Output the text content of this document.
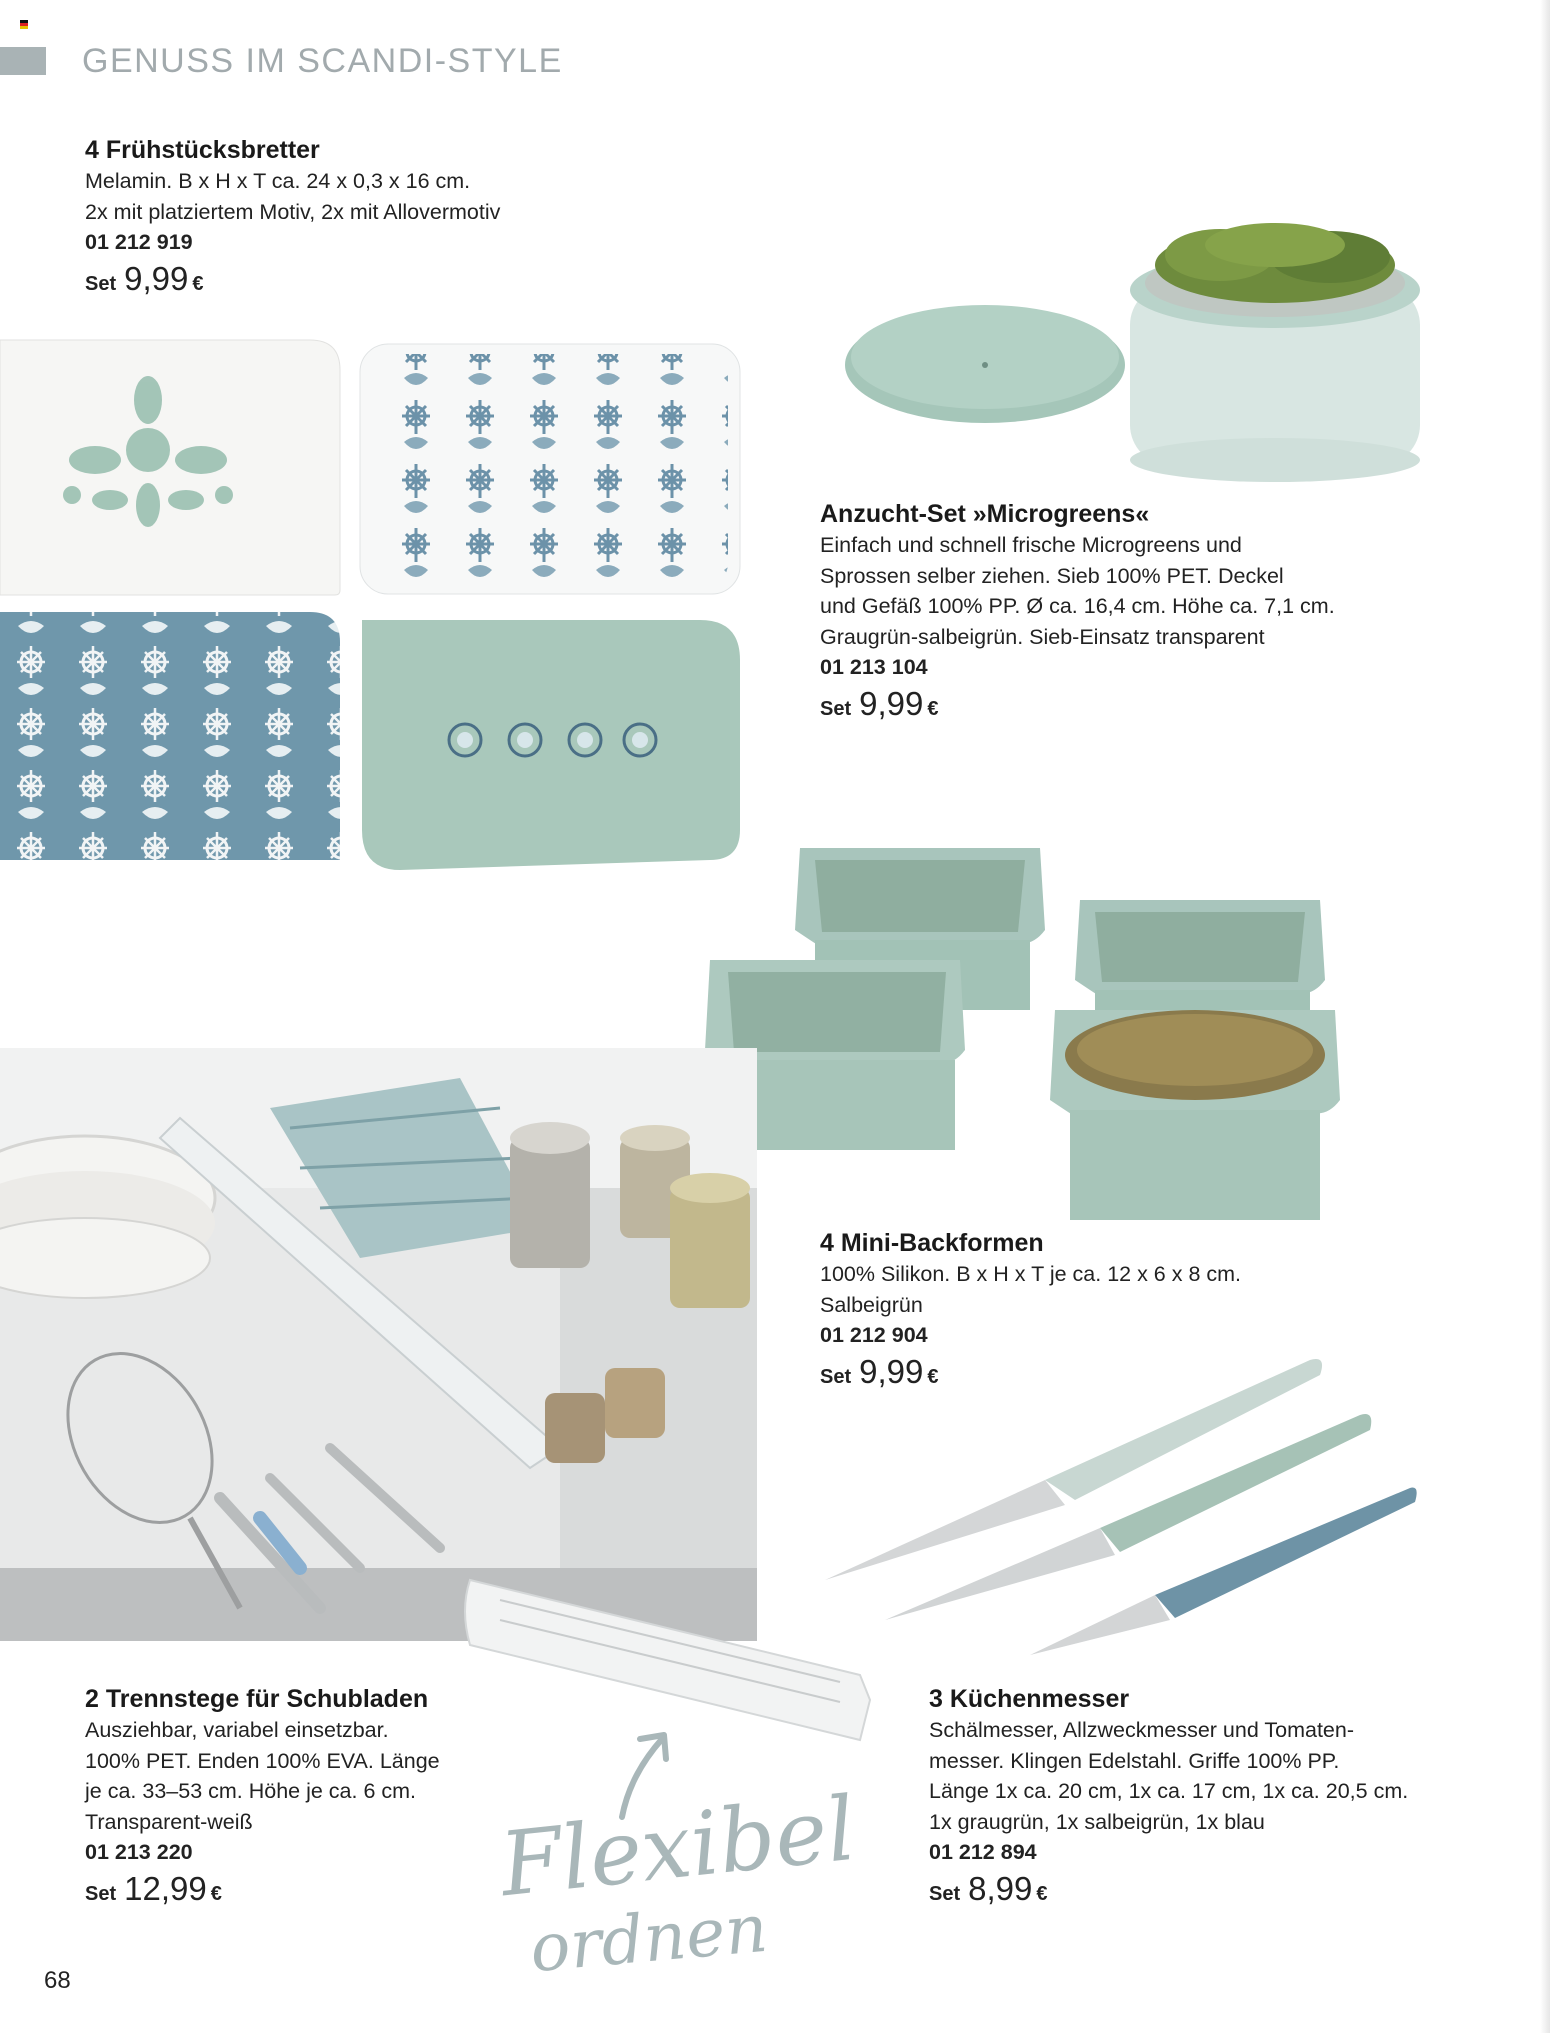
GENUSS IM SCANDI-STYLE
4 Frühstücksbretter
Melamin. B x H x T ca. 24 x 0,3 x 16 cm.
2x mit platziertem Motiv, 2x mit Allovermotiv
01 212 919
Set 9,99 €
Anzucht-Set »Microgreens«
Einfach und schnell frische Microgreens und
Sprossen selber ziehen. Sieb 100% PET. Deckel
und Gefäß 100% PP. Ø ca. 16,4 cm. Höhe ca. 7,1 cm.
Graugrün-salbeigrün. Sieb-Einsatz transparent
01 213 104
Set 9,99 €
4 Mini-Backformen
100% Silikon. B x H x T je ca. 12 x 6 x 8 cm.
Salbeigrün
01 212 904
Set 9,99 €
2 Trennstege für Schubladen
Ausziehbar, variabel einsetzbar.
100% PET. Enden 100% EVA. Länge
je ca. 33–53 cm. Höhe je ca. 6 cm.
Transparent-weiß
01 213 220
Set 12,99 €
3 Küchenmesser
Schälmesser, Allzweckmesser und Tomaten-
messer. Klingen Edelstahl. Griffe 100% PP.
Länge 1x ca. 20 cm, 1x ca. 17 cm, 1x ca. 20,5 cm.
1x graugrün, 1x salbeigrün, 1x blau
01 212 894
Set 8,99 €
Flexibel
ordnen
68
